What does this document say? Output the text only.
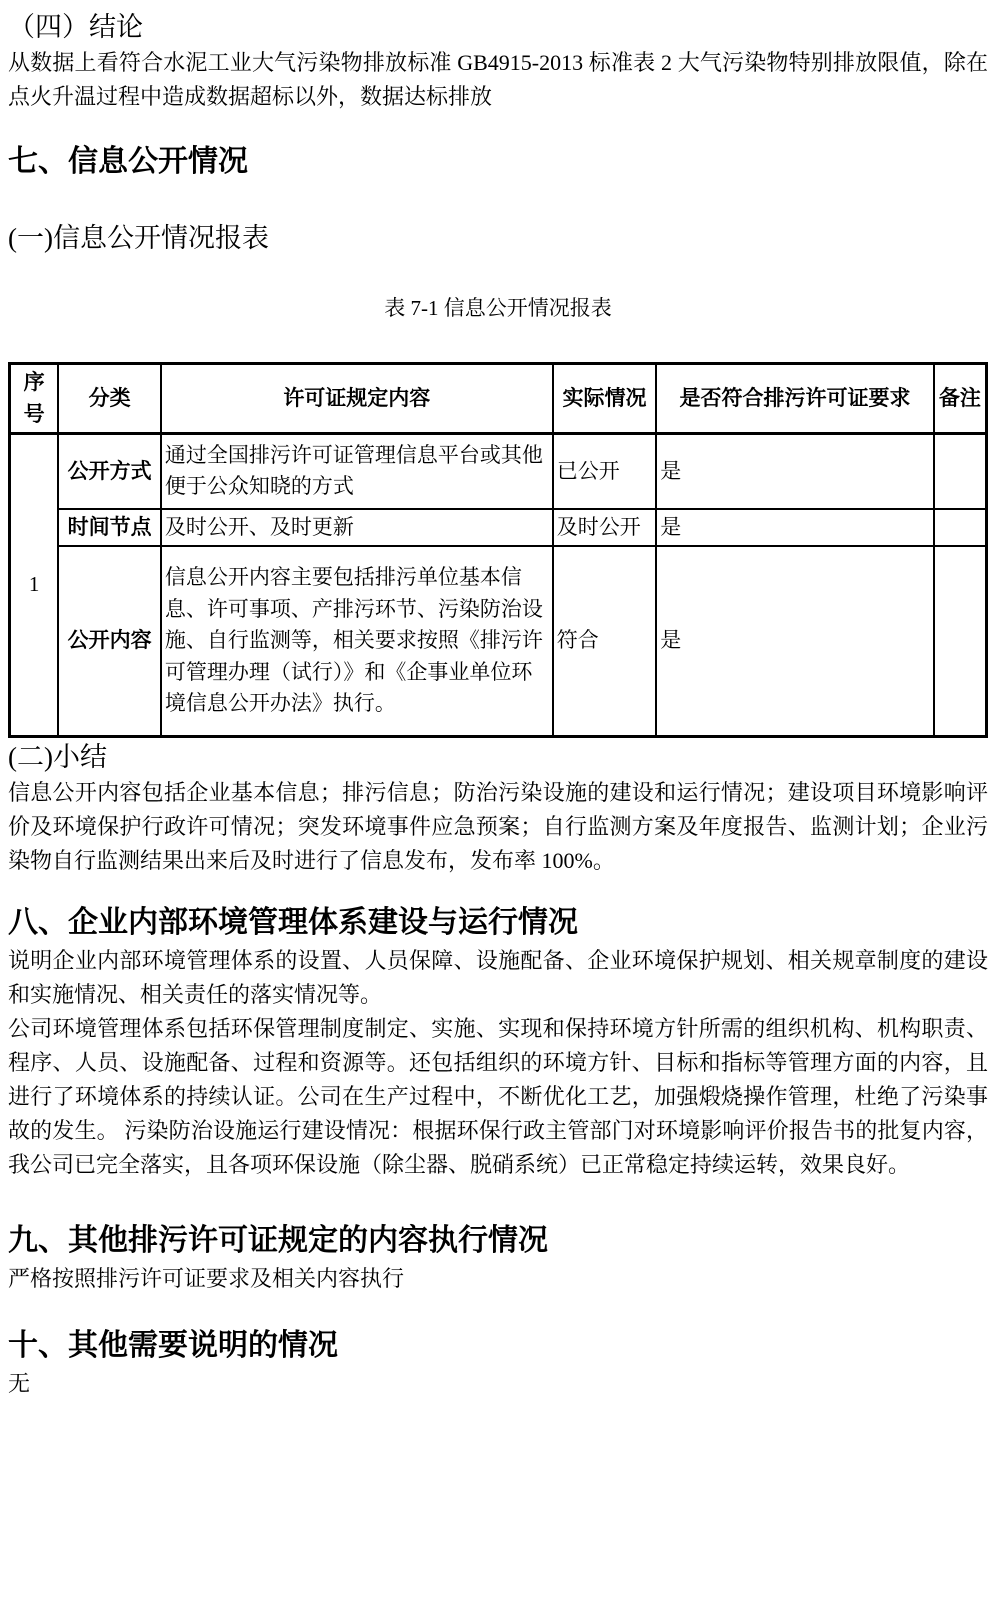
（四）结论

从数据上看符合水泥工业大气污染物排放标准 GB4915-2013 标准表 2 大气污染物特别排放限值，除在点火升温过程中造成数据超标以外，数据达标排放

七、信息公开情况
(一)信息公开情况报表
表 7-1 信息公开情况报表
序号	分类	许可证规定内容	实际情况	是否符合排污许可证要求	备注
1	公开方式	通过全国排污许可证管理信息平台或其他便于公众知晓的方式	已公开	是	
	时间节点	及时公开、及时更新	及时公开	是	
	公开内容	信息公开内容主要包括排污单位基本信息、许可事项、产排污环节、污染防治设施、自行监测等，相关要求按照《排污许可管理办理（试行）》和《企事业单位环境信息公开办法》执行。	符合	是	
(二)小结

信息公开内容包括企业基本信息；排污信息；防治污染设施的建设和运行情况；建设项目环境影响评价及环境保护行政许可情况；突发环境事件应急预案；自行监测方案及年度报告、监测计划；企业污染物自行监测结果出来后及时进行了信息发布，发布率 100%。

八、企业内部环境管理体系建设与运行情况

说明企业内部环境管理体系的设置、人员保障、设施配备、企业环境保护规划、相关规章制度的建设和实施情况、相关责任的落实情况等。

公司环境管理体系包括环保管理制度制定、实施、实现和保持环境方针所需的组织机构、机构职责、程序、人员、设施配备、过程和资源等。还包括组织的环境方针、目标和指标等管理方面的内容，且进行了环境体系的持续认证。公司在生产过程中，不断优化工艺，加强煅烧操作管理，杜绝了污染事故的发生。 污染防治设施运行建设情况：根据环保行政主管部门对环境影响评价报告书的批复内容，我公司已完全落实，且各项环保设施（除尘器、脱硝系统）已正常稳定持续运转，效果良好。

九、其他排污许可证规定的内容执行情况

严格按照排污许可证要求及相关内容执行

十、其他需要说明的情况

无
